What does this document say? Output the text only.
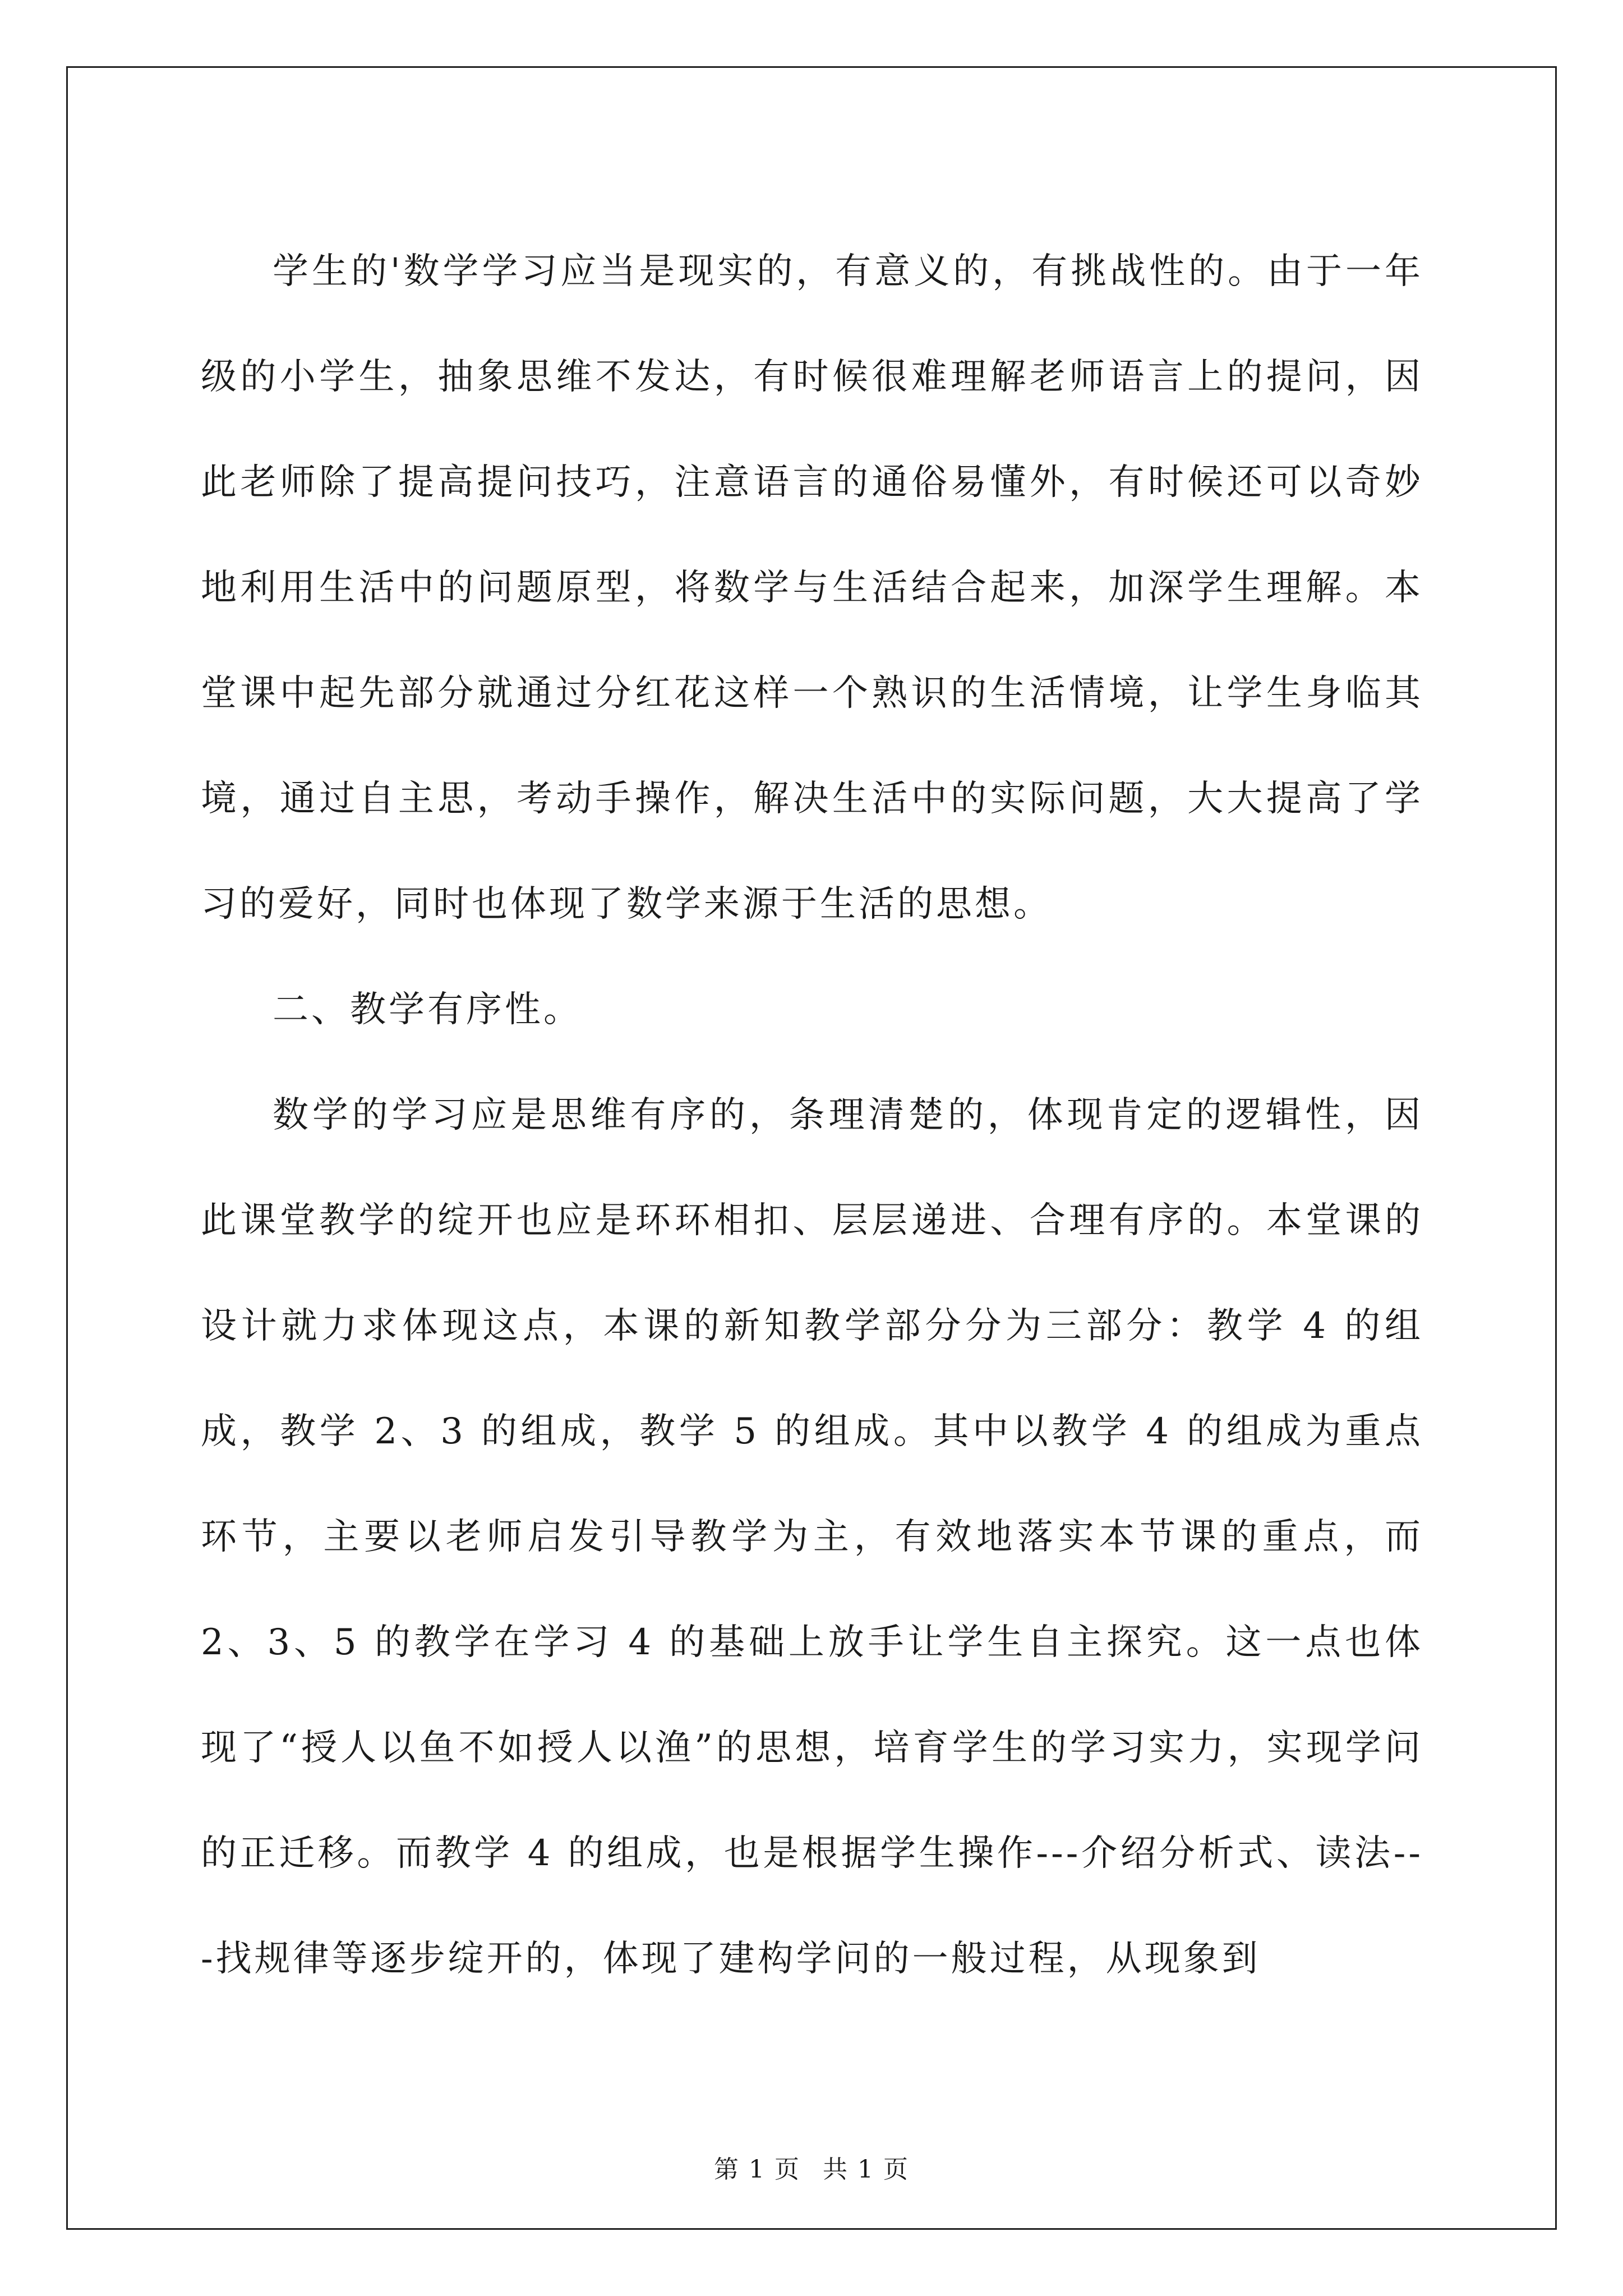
学生的'数学学习应当是现实的，有意义的，有挑战性的。由于一年级的小学生，抽象思维不发达，有时候很难理解老师语言上的提问，因此老师除了提高提问技巧，注意语言的通俗易懂外，有时候还可以奇妙地利用生活中的问题原型，将数学与生活结合起来，加深学生理解。本堂课中起先部分就通过分红花这样一个熟识的生活情境，让学生身临其境，通过自主思，考动手操作，解决生活中的实际问题，大大提高了学习的爱好，同时也体现了数学来源于生活的思想。

二、教学有序性。

数学的学习应是思维有序的，条理清楚的，体现肯定的逻辑性，因此课堂教学的绽开也应是环环相扣、层层递进、合理有序的。本堂课的设计就力求体现这点，本课的新知教学部分分为三部分：教学 4 的组成，教学 2、3 的组成，教学 5 的组成。其中以教学 4 的组成为重点环节，主要以老师启发引导教学为主，有效地落实本节课的重点，而 2、3、5 的教学在学习 4 的基础上放手让学生自主探究。这一点也体现了“授人以鱼不如授人以渔”的思想，培育学生的学习实力，实现学问的正迁移。而教学 4 的组成，也是根据学生操作---介绍分析式、读法---找规律等逐步绽开的，体现了建构学问的一般过程，从现象到

第 1 页 共 1 页
